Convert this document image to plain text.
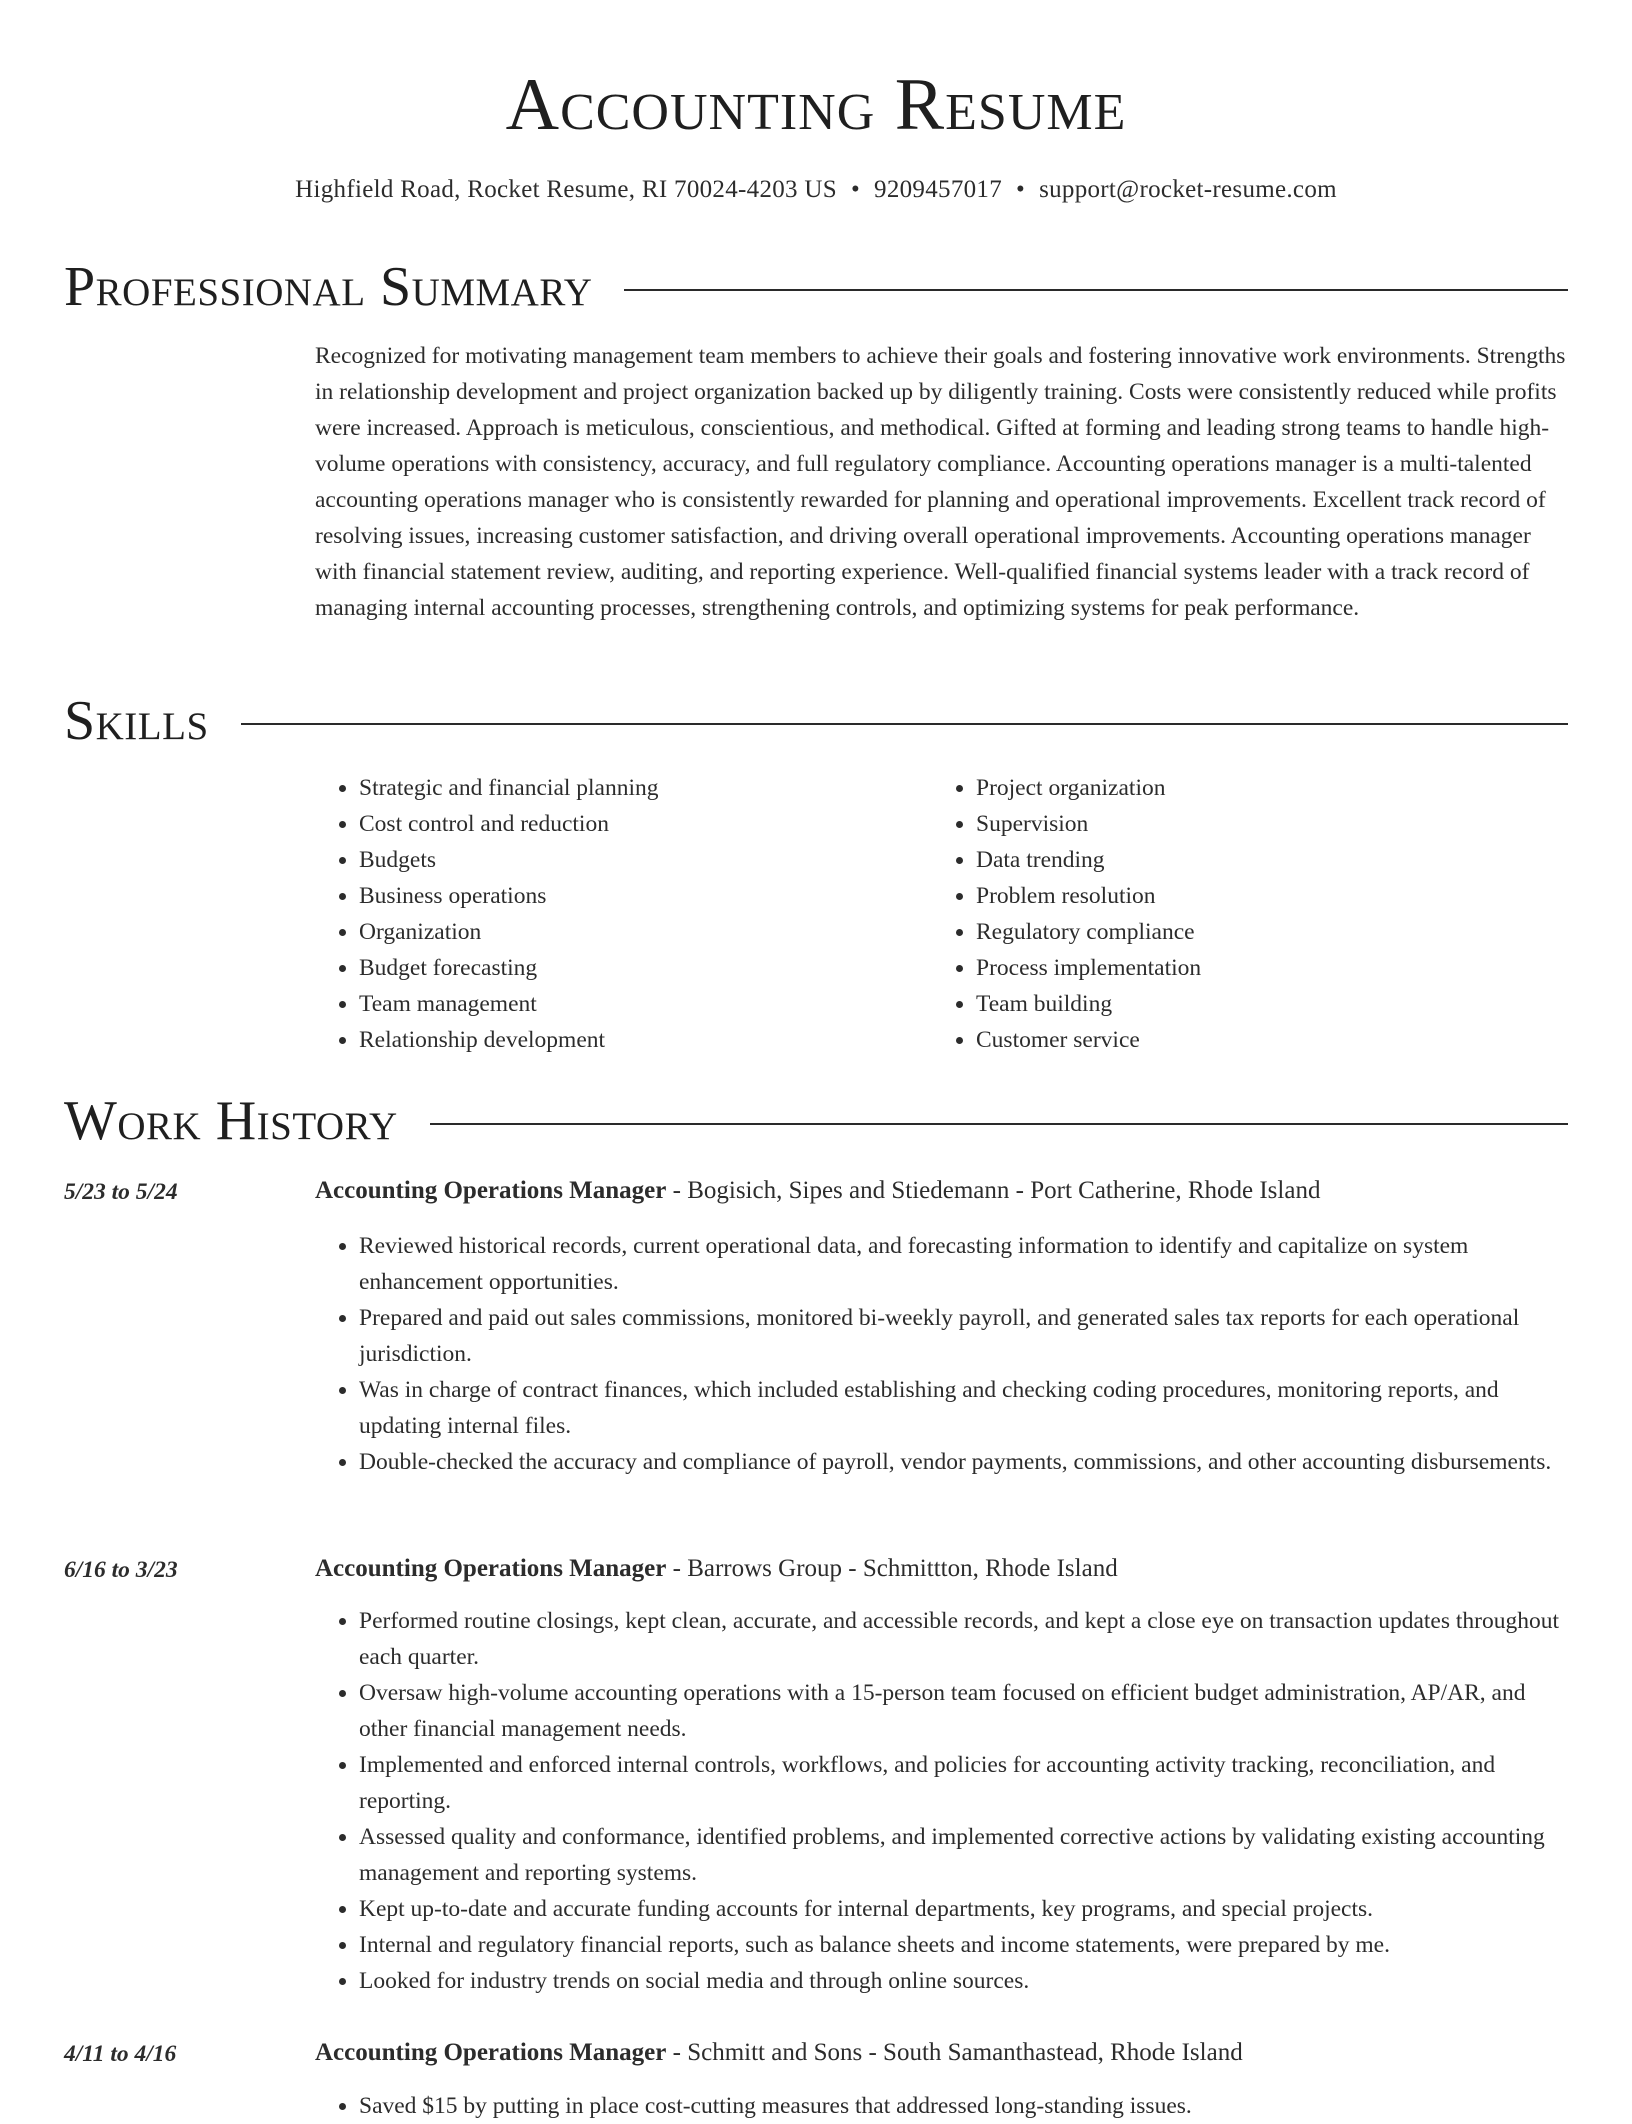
Accounting Resume
Highfield Road, Rocket Resume, RI 70024-4203 US • 9209457017 • support@rocket-resume.com
Professional Summary

Recognized for motivating management team members to achieve their goals and fostering innovative work environments. Strengths in relationship development and project organization backed up by diligently training. Costs were consistently reduced while profits were increased. Approach is meticulous, conscientious, and methodical. Gifted at forming and leading strong teams to handle high-volume operations with consistency, accuracy, and full regulatory compliance. Accounting operations manager is a multi-talented accounting operations manager who is consistently rewarded for planning and operational improvements. Excellent track record of resolving issues, increasing customer satisfaction, and driving overall operational improvements. Accounting operations manager with financial statement review, auditing, and reporting experience. Well-qualified financial systems leader with a track record of managing internal accounting processes, strengthening controls, and optimizing systems for peak performance.

Skills
• Strategic and financial planning
• Cost control and reduction
• Budgets
• Business operations
• Organization
• Budget forecasting
• Team management
• Relationship development
• Project organization
• Supervision
• Data trending
• Problem resolution
• Regulatory compliance
• Process implementation
• Team building
• Customer service
Work History
5/23 to 5/24	Accounting Operations Manager - Bogisich, Sipes and Stiedemann - Port Catherine, Rhode Island
• Reviewed historical records, current operational data, and forecasting information to identify and capitalize on system enhancement opportunities.
• Prepared and paid out sales commissions, monitored bi-weekly payroll, and generated sales tax reports for each operational jurisdiction.
• Was in charge of contract finances, which included establishing and checking coding procedures, monitoring reports, and updating internal files.
• Double-checked the accuracy and compliance of payroll, vendor payments, commissions, and other accounting disbursements.
6/16 to 3/23	Accounting Operations Manager - Barrows Group - Schmittton, Rhode Island
• Performed routine closings, kept clean, accurate, and accessible records, and kept a close eye on transaction updates throughout each quarter.
• Oversaw high-volume accounting operations with a 15-person team focused on efficient budget administration, AP/AR, and other financial management needs.
• Implemented and enforced internal controls, workflows, and policies for accounting activity tracking, reconciliation, and reporting.
• Assessed quality and conformance, identified problems, and implemented corrective actions by validating existing accounting management and reporting systems.
• Kept up-to-date and accurate funding accounts for internal departments, key programs, and special projects.
• Internal and regulatory financial reports, such as balance sheets and income statements, were prepared by me.
• Looked for industry trends on social media and through online sources.
4/11 to 4/16	Accounting Operations Manager - Schmitt and Sons - South Samanthastead, Rhode Island
• Saved $15 by putting in place cost-cutting measures that addressed long-standing issues.
